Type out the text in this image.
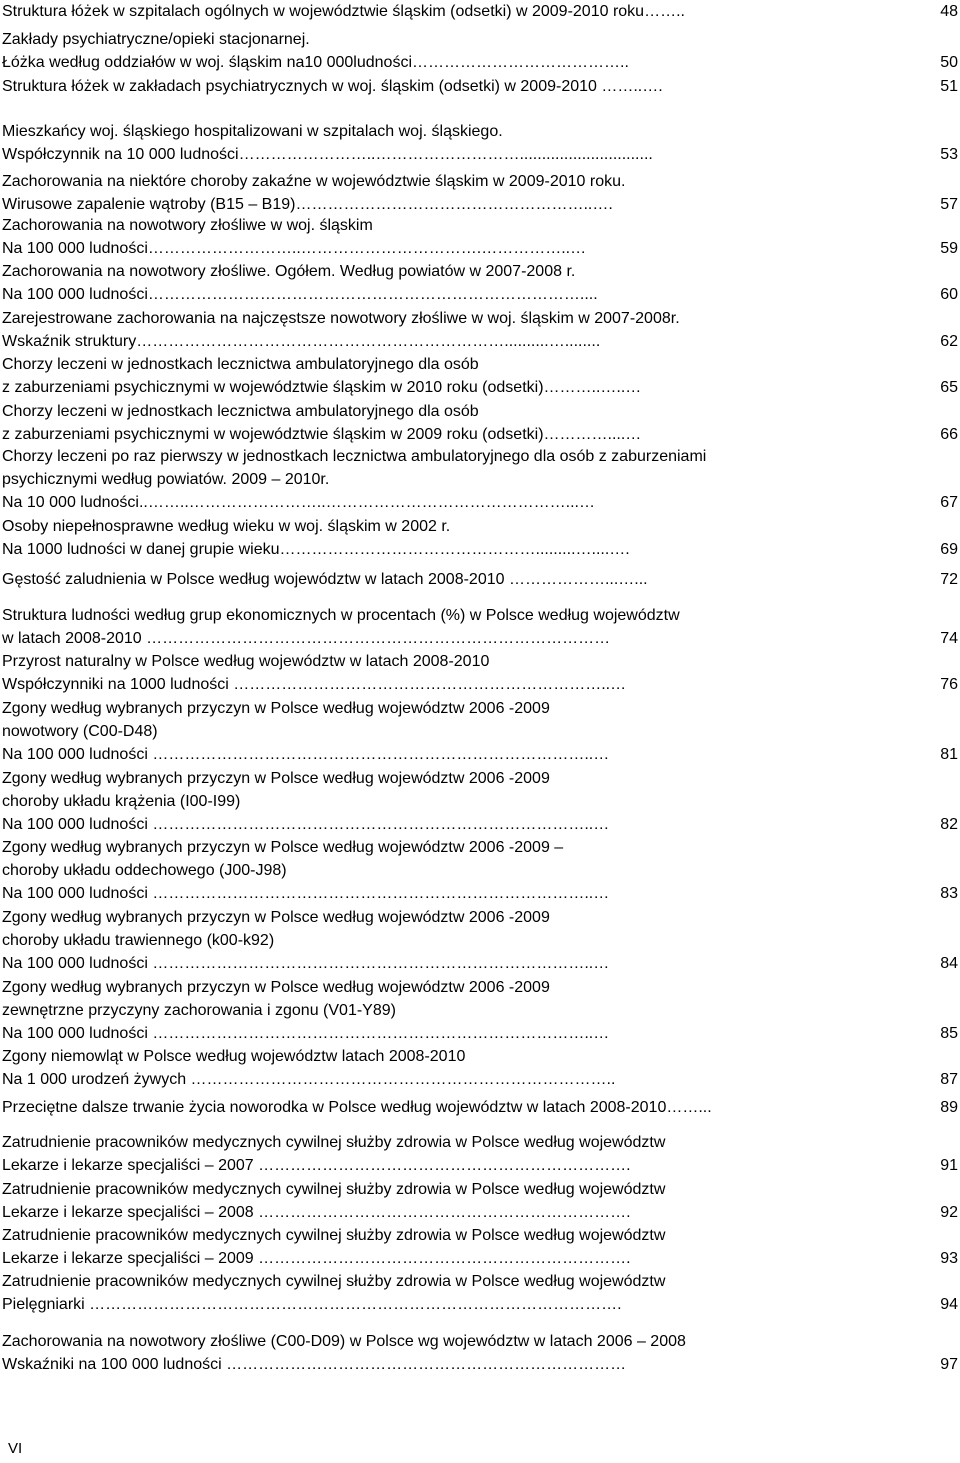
Struktura łóżek w szpitalach ogólnych w województwie śląskim (odsetki) w 2009-2010 roku……..	48
Zakłady psychiatryczne/opieki stacjonarnej.
Łóżka według oddziałów w woj. śląskim na10 000ludności…………………………………..	50
Struktura łóżek w zakładach psychiatrycznych w woj. śląskim (odsetki) w 2009-2010 ……..….	51
Mieszkańcy woj. śląskiego hospitalizowani w szpitalach woj. śląskiego.
Współczynnik na 10 000 ludności……………………..………………………..............................	53
Zachorowania na niektóre choroby zakaźne w województwie śląskim w 2009-2010 roku.
Wirusowe zapalenie wątroby (B15 – B19)………………………………………………..….	57
Zachorowania na nowotwory złośliwe w woj. śląskim
Na 100 000 ludności………………………..…………………………….……………..…	59
Zachorowania na nowotwory złośliwe. Ogółem. Według powiatów w 2007-2008 r.
Na 100 000 ludności………………………………………………………………………....	60
Zarejestrowane zachorowania na najczęstsze nowotwory złośliwe w woj. śląskim w 2007-2008r.
Wskaźnik struktury……………………………………………………………..........…........	62
Chorzy leczeni w jednostkach lecznictwa ambulatoryjnego dla osób
z zaburzeniami psychicznymi w województwie śląskim w 2010 roku (odsetki)………..…..…	65
Chorzy leczeni w jednostkach lecznictwa ambulatoryjnego dla osób
z zaburzeniami psychicznymi w województwie śląskim w 2009 roku (odsetki)…………....…	66
Chorzy leczeni po raz pierwszy w jednostkach lecznictwa ambulatoryjnego dla osób z zaburzeniami
psychicznymi według powiatów. 2009 – 2010r.
Na 10 000 ludności..……..……………………..………………………………………...…	67
Osoby niepełnosprawne według wieku w woj. śląskim w 2002 r.
Na 1000 ludności w danej grupie wieku………………………………………….........…....….	69
Gęstość zaludnienia w Polsce według województw w latach 2008-2010 ………………...…...	72
Struktura ludności według grup ekonomicznych w procentach (%) w Polsce według województw
w latach 2008-2010 ……………………………………………………………………………	74
Przyrost naturalny w Polsce według województw w latach 2008-2010
Współczynniki na 1000 ludności ……………………………………………………………..…	76
Zgony według wybranych przyczyn w Polsce według województw 2006 -2009
nowotwory (C00-D48)
Na 100 000 ludności ………………………………………………………………………..…	81
Zgony według wybranych przyczyn w Polsce według województw 2006 -2009
choroby układu krążenia (I00-I99)
Na 100 000 ludności ………………………………………………………………………..…	82
Zgony według wybranych przyczyn w Polsce według województw 2006 -2009 –
choroby układu oddechowego (J00-J98)
Na 100 000 ludności ………………………………………………………………………..…	83
Zgony według wybranych przyczyn w Polsce według województw 2006 -2009
choroby układu trawiennego (k00-k92)
Na 100 000 ludności ………………………………………………………………………..…	84
Zgony według wybranych przyczyn w Polsce według województw 2006 -2009
zewnętrzne przyczyny zachorowania i zgonu (V01-Y89)
Na 100 000 ludności ………………………………………………………………………..…	85
Zgony niemowląt w Polsce według województw latach 2008-2010
Na 1 000 urodzeń żywych ……………………………………………………………………..	87
Przeciętne dalsze trwanie życia noworodka w Polsce według województw w latach 2008-2010……...	89
Zatrudnienie pracowników medycznych cywilnej służby zdrowia w Polsce według województw
Lekarze i lekarze specjaliści – 2007 …………………………………………………………….	91
Zatrudnienie pracowników medycznych cywilnej służby zdrowia w Polsce według województw
Lekarze i lekarze specjaliści – 2008 …………………………………………………………….	92
Zatrudnienie pracowników medycznych cywilnej służby zdrowia w Polsce według województw
Lekarze i lekarze specjaliści – 2009 …………………………………………………………….	93
Zatrudnienie pracowników medycznych cywilnej służby zdrowia w Polsce według województw
Pielęgniarki ……………………………………………………………………………………….	94
Zachorowania na nowotwory złośliwe (C00-D09) w Polsce wg województw w latach 2006 – 2008
Wskaźniki na 100 000 ludności …………………………………………………………………	97
VI
